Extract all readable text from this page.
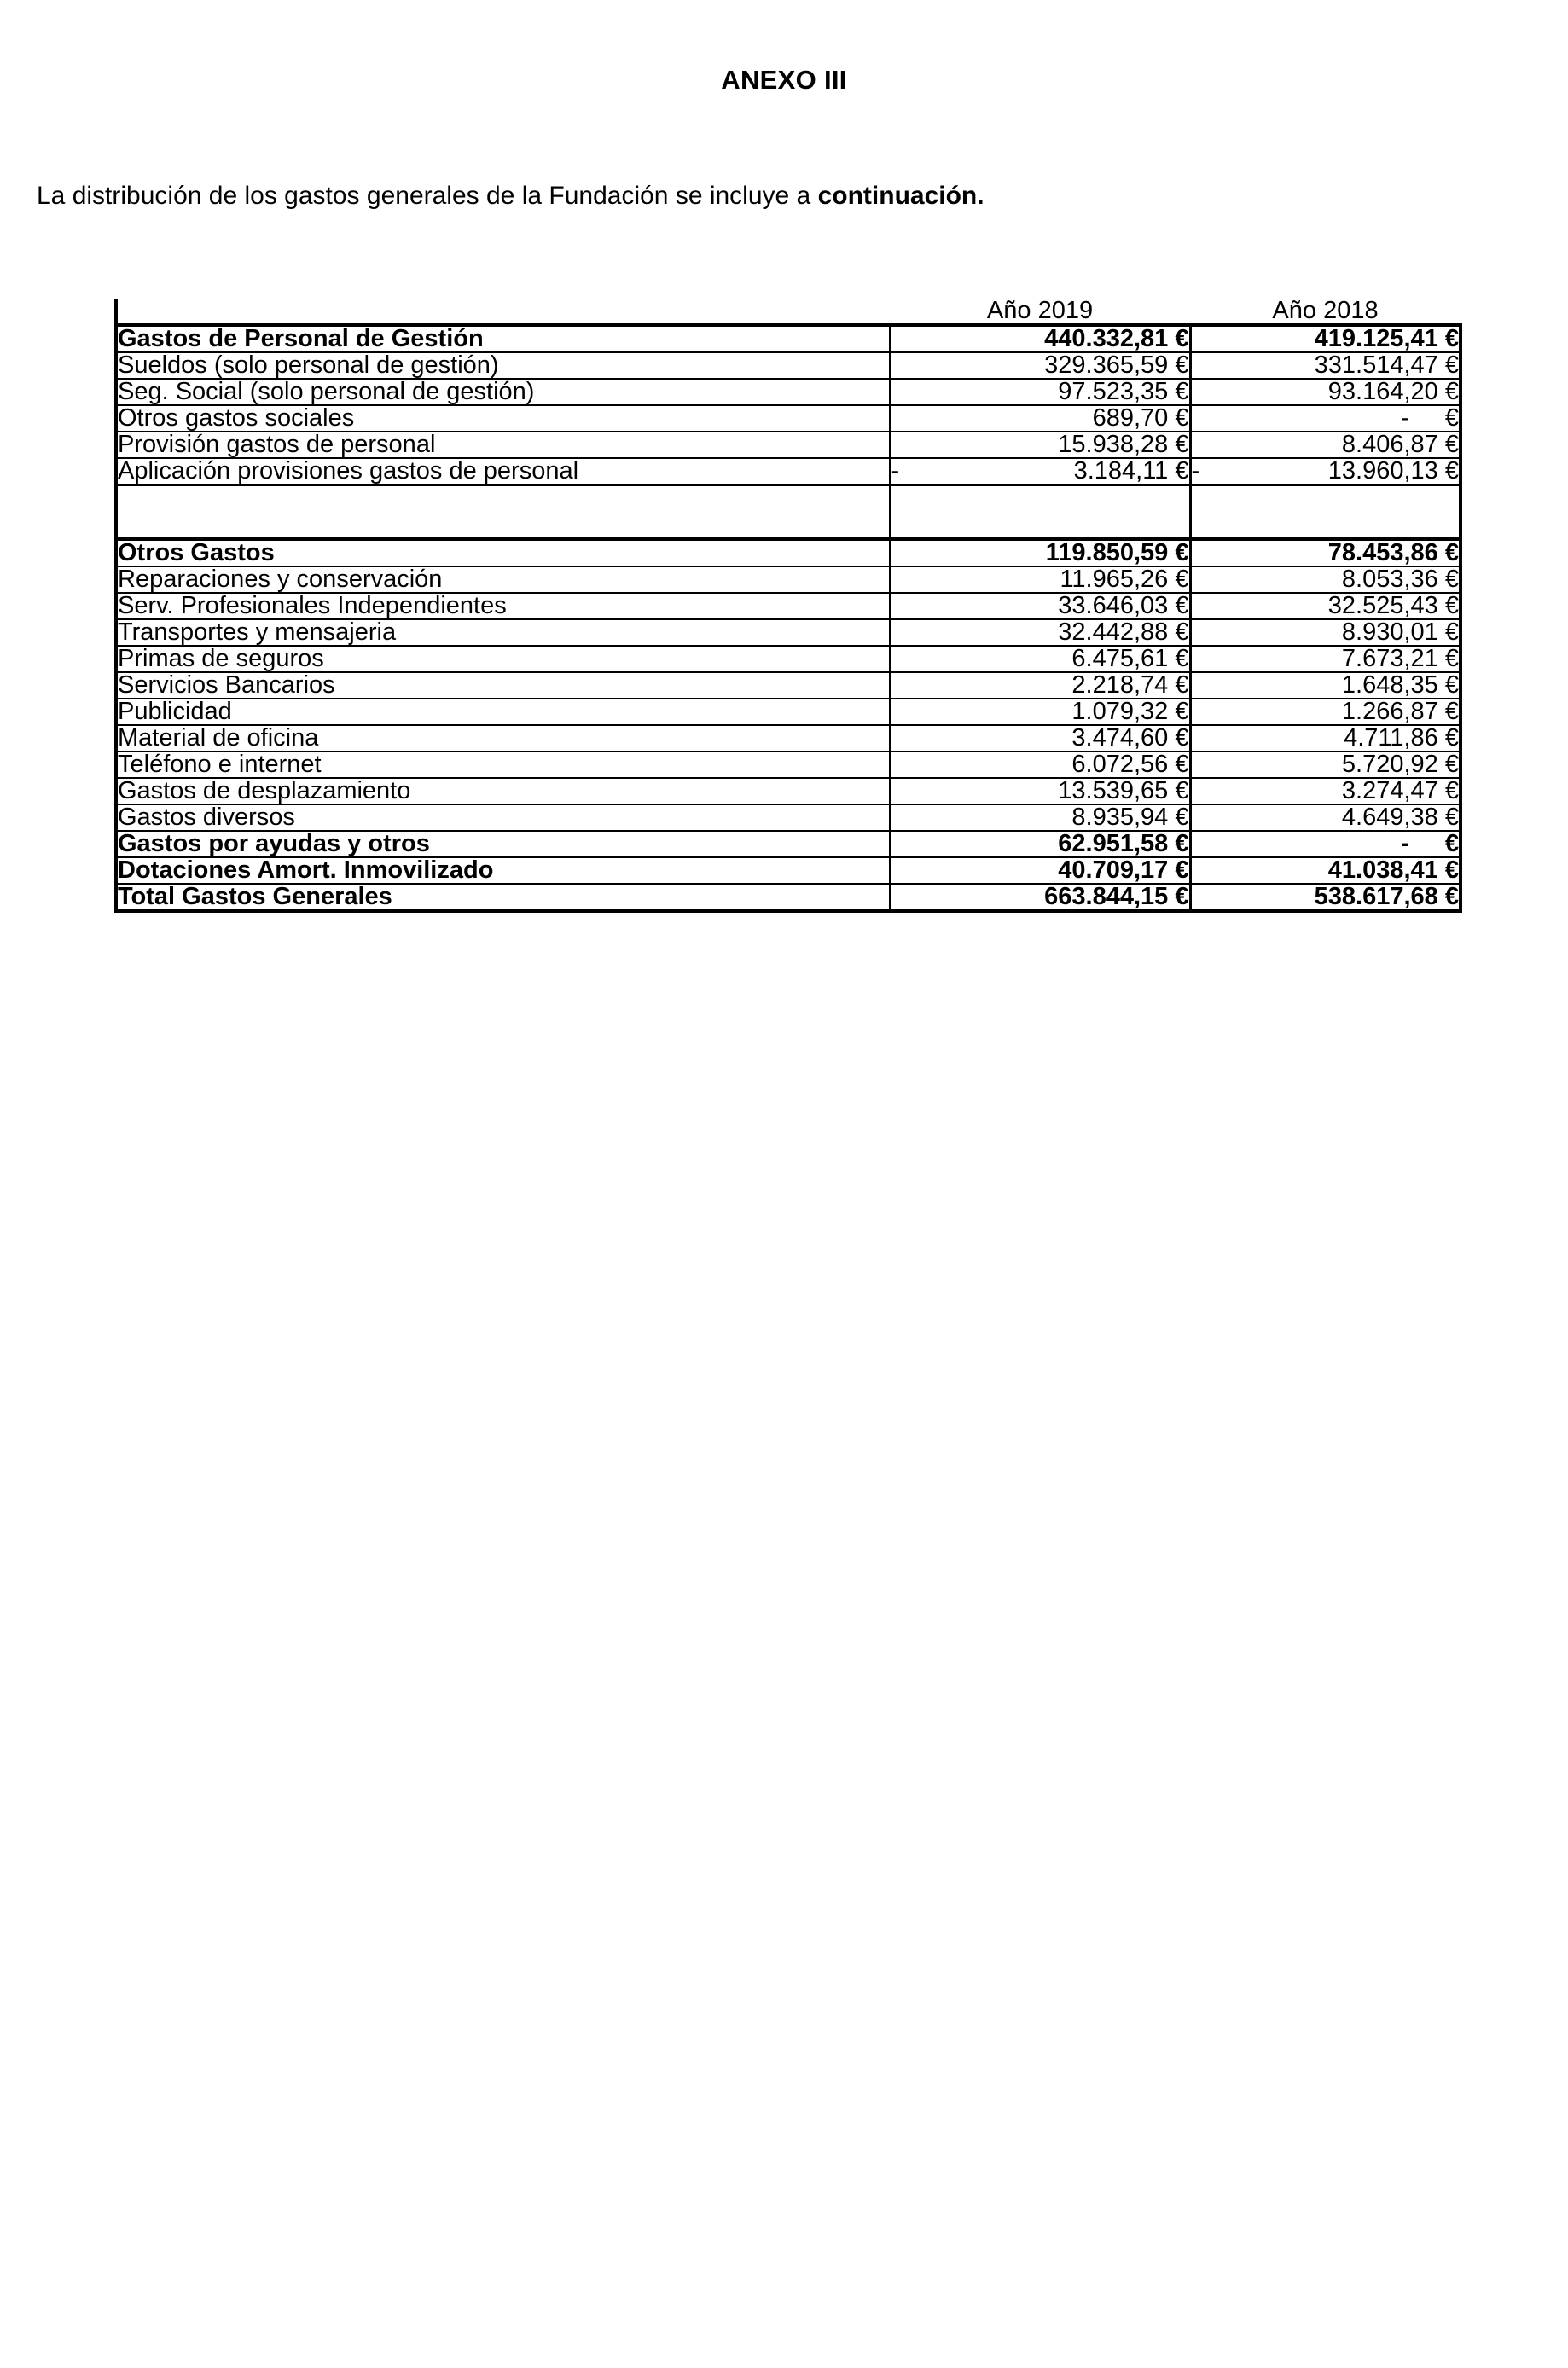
ANEXO III

La distribución de los gastos generales de la Fundación se incluye a continuación.

	Año 2019	Año 2018
Gastos de Personal de Gestión	440.332,81 €	419.125,41 €

Sueldos (solo personal de gestión)	329.365,59 €	331.514,47 €

Seg. Social (solo personal de gestión)	97.523,35 €	93.164,20 €

Otros gastos sociales	689,70 €	- €

Provisión gastos de personal	15.938,28 €	8.406,87 €

Aplicación provisiones gastos de personal	- 3.184,11 €	- 13.960,13 €

Otros Gastos	119.850,59 €	78.453,86 €

Reparaciones y conservación	11.965,26 €	8.053,36 €

Serv. Profesionales Independientes	33.646,03 €	32.525,43 €

Transportes y mensajeria	32.442,88 €	8.930,01 €

Primas de seguros	6.475,61 €	7.673,21 €

Servicios Bancarios	2.218,74 €	1.648,35 €

Publicidad	1.079,32 €	1.266,87 €

Material de oficina	3.474,60 €	4.711,86 €

Teléfono e internet	6.072,56 €	5.720,92 €

Gastos de desplazamiento	13.539,65 €	3.274,47 €

Gastos diversos	8.935,94 €	4.649,38 €

Gastos por ayudas y otros	62.951,58 €	- €

Dotaciones Amort. Inmovilizado	40.709,17 €	41.038,41 €

Total Gastos Generales	663.844,15 €	538.617,68 €
